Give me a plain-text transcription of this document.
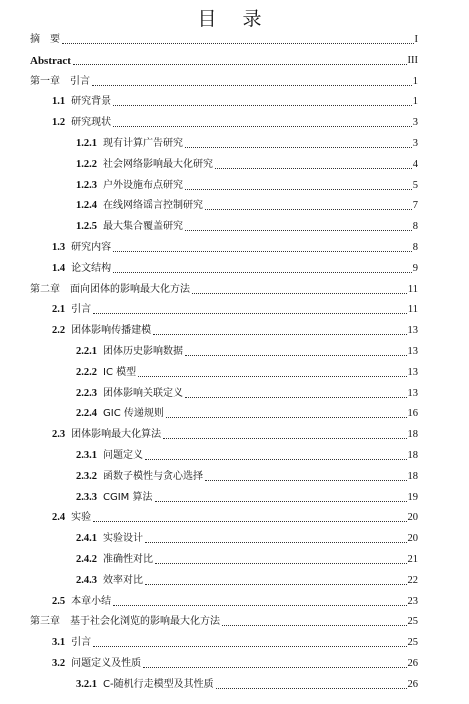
目 录
摘　要	I
Abstract	III
第一章　引言	1
1.1 研究背景	1
1.2 研究现状	3
1.2.1 现有计算广告研究	3
1.2.2 社会网络影响最大化研究	4
1.2.3 户外设施布点研究	5
1.2.4 在线网络谣言控制研究	7
1.2.5 最大集合覆盖研究	8
1.3 研究内容	8
1.4 论文结构	9
第二章　面向团体的影响最大化方法	11
2.1 引言	11
2.2 团体影响传播建模	13
2.2.1 团体历史影响数据	13
2.2.2 IC 模型	13
2.2.3 团体影响关联定义	13
2.2.4 GIC 传递规则	16
2.3 团体影响最大化算法	18
2.3.1 问题定义	18
2.3.2 函数子模性与贪心选择	18
2.3.3 CGIM 算法	19
2.4 实验	20
2.4.1 实验设计	20
2.4.2 准确性对比	21
2.4.3 效率对比	22
2.5 本章小结	23
第三章　基于社会化浏览的影响最大化方法	25
3.1 引言	25
3.2 问题定义及性质	26
3.2.1 C-随机行走模型及其性质	26
